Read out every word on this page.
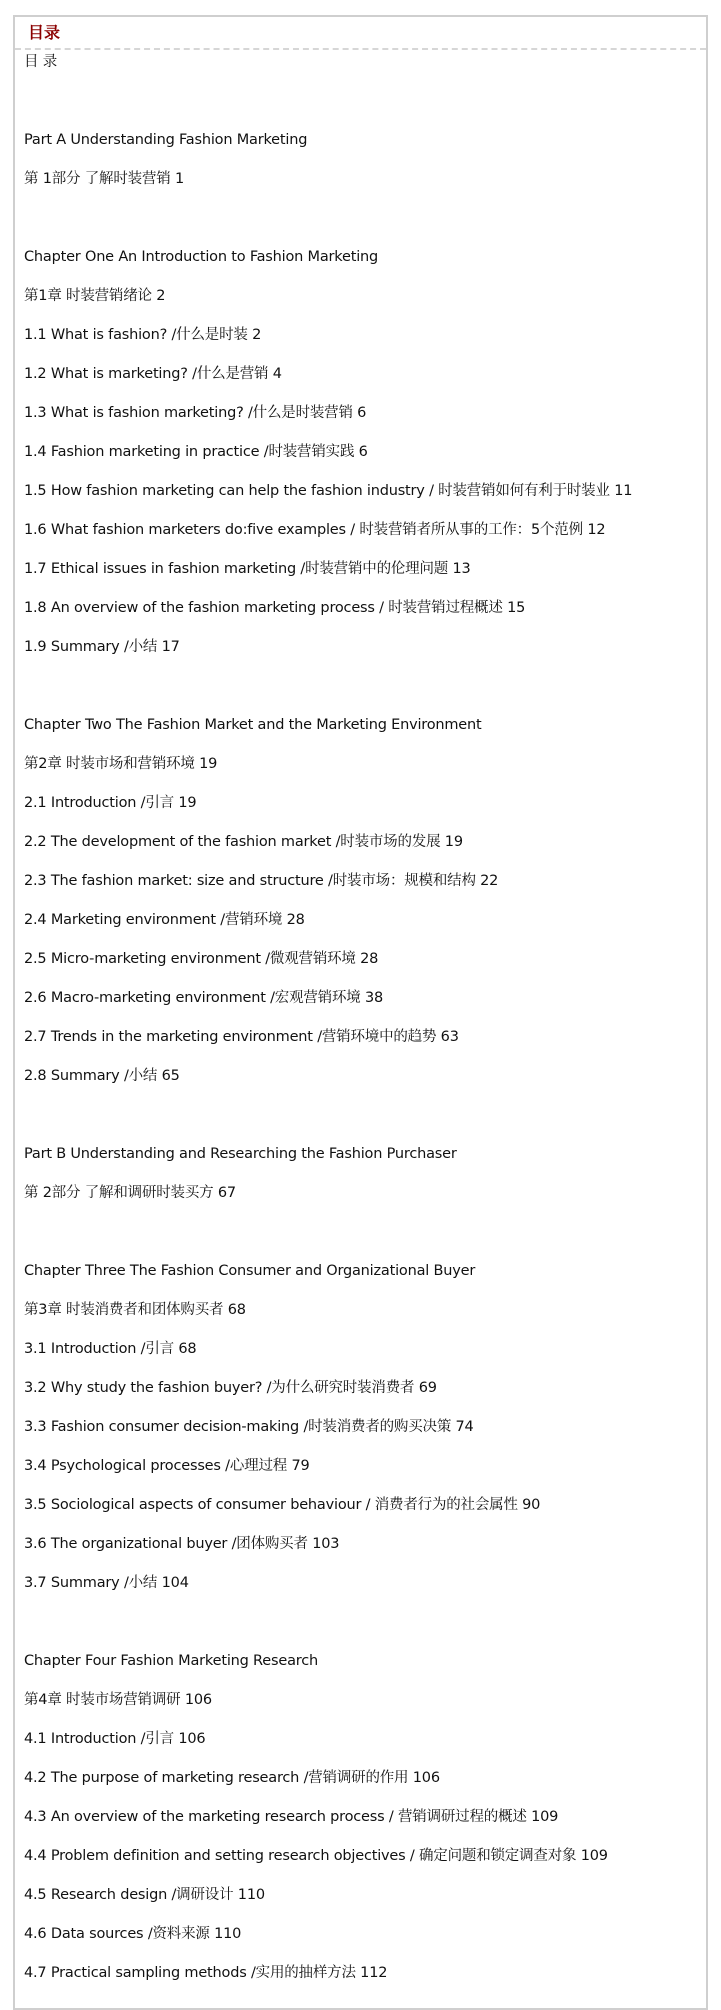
目录
目 录
Part A Understanding Fashion Marketing
第 1部分 了解时装营销 1
Chapter One An Introduction to Fashion Marketing
第1章 时装营销绪论 2
1.1 What is fashion? /什么是时装 2
1.2 What is marketing? /什么是营销 4
1.3 What is fashion marketing? /什么是时装营销 6
1.4 Fashion marketing in practice /时装营销实践 6
1.5 How fashion marketing can help the fashion industry / 时装营销如何有利于时装业 11
1.6 What fashion marketers do:five examples / 时装营销者所从事的工作：5个范例 12
1.7 Ethical issues in fashion marketing /时装营销中的伦理问题 13
1.8 An overview of the fashion marketing process / 时装营销过程概述 15
1.9 Summary /小结 17
Chapter Two The Fashion Market and the Marketing Environment
第2章 时装市场和营销环境 19
2.1 Introduction /引言 19
2.2 The development of the fashion market /时装市场的发展 19
2.3 The fashion market: size and structure /时装市场：规模和结构 22
2.4 Marketing environment /营销环境 28
2.5 Micro-marketing environment /微观营销环境 28
2.6 Macro-marketing environment /宏观营销环境 38
2.7 Trends in the marketing environment /营销环境中的趋势 63
2.8 Summary /小结 65
Part B Understanding and Researching the Fashion Purchaser
第 2部分 了解和调研时装买方 67
Chapter Three The Fashion Consumer and Organizational Buyer
第3章 时装消费者和团体购买者 68
3.1 Introduction /引言 68
3.2 Why study the fashion buyer? /为什么研究时装消费者 69
3.3 Fashion consumer decision-making /时装消费者的购买决策 74
3.4 Psychological processes /心理过程 79
3.5 Sociological aspects of consumer behaviour / 消费者行为的社会属性 90
3.6 The organizational buyer /团体购买者 103
3.7 Summary /小结 104
Chapter Four Fashion Marketing Research
第4章 时装市场营销调研 106
4.1 Introduction /引言 106
4.2 The purpose of marketing research /营销调研的作用 106
4.3 An overview of the marketing research process / 营销调研过程的概述 109
4.4 Problem definition and setting research objectives / 确定问题和锁定调查对象 109
4.5 Research design /调研设计 110
4.6 Data sources /资料来源 110
4.7 Practical sampling methods /实用的抽样方法 112
